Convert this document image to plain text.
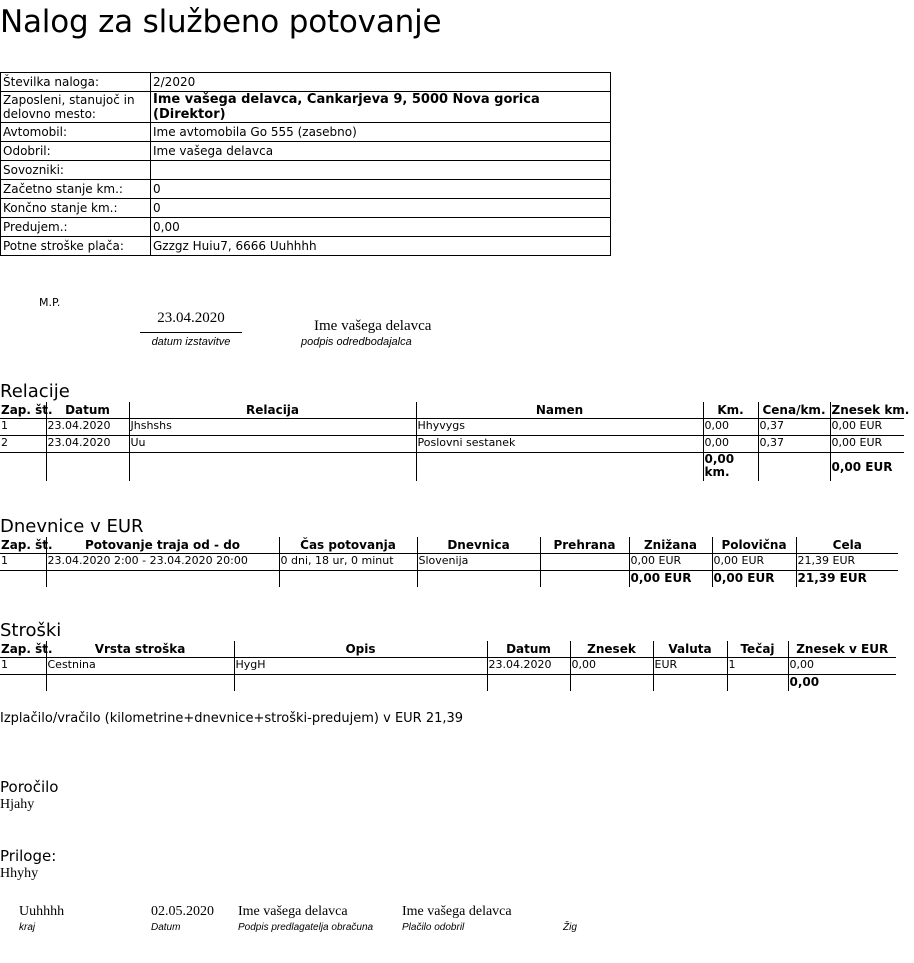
Nalog za službeno potovanje
Številka naloga:	2/2020
Zaposleni, stanujoč in delovno mesto:	Ime vašega delavca, Cankarjeva 9, 5000 Nova gorica (Direktor)
Avtomobil:	Ime avtomobila Go 555 (zasebno)
Odobril:	Ime vašega delavca
Sovozniki:	
Začetno stanje km.:	0
Končno stanje km.:	0
Predujem.:	0,00
Potne stroške plača:	Gzzgz Huiu7, 6666 Uuhhhh
M.P.
23.04.2020
datum izstavitve
Ime vašega delavca
podpis odredbodajalca
Relacije
Zap. št.	Datum	Relacija	Namen	Km.	Cena/km.	Znesek km.
1	23.04.2020	Jhshshs	Hhyvygs	0,00	0,37	0,00 EUR
2	23.04.2020	Uu	Poslovni sestanek	0,00	0,37	0,00 EUR
				0,00 km.		0,00 EUR
Dnevnice v EUR
Zap. št.	Potovanje traja od - do	Čas potovanja	Dnevnica	Prehrana	Znižana	Polovična	Cela
1	23.04.2020 2:00 - 23.04.2020 20:00	0 dni, 18 ur, 0 minut	Slovenija		0,00 EUR	0,00 EUR	21,39 EUR
					0,00 EUR	0,00 EUR	21,39 EUR
Stroški
Zap. št.	Vrsta stroška	Opis	Datum	Znesek	Valuta	Tečaj	Znesek v EUR
1	Cestnina	HygH	23.04.2020	0,00	EUR	1	0,00
							0,00
Izplačilo/vračilo (kilometrine+dnevnice+stroški-predujem) v EUR 21,39
Poročilo
Hjahy
Priloge:
Hhyhy
Uuhhhh
kraj
02.05.2020
Datum
Ime vašega delavca
Podpis predlagatelja obračuna
Ime vašega delavca
Plačilo odobril	Žig
